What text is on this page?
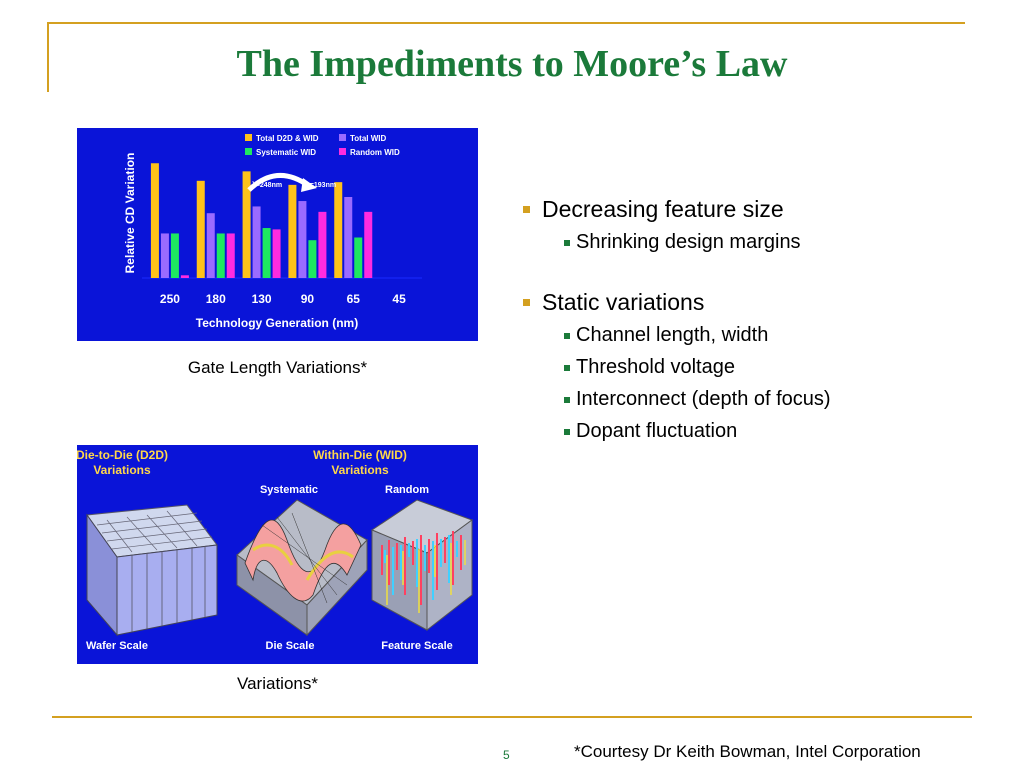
The Impediments to Moore’s Law
250 180 130 90	65	45
Technology Generation (nm)
Relative CD Variation
Total D2D & WID	Total WID
Systematic WID	Random WID
λ=248nm	λ=193nm
Gate Length Variations*
Die-to-Die (D2D)
Variations
Within-Die (WID)
Variations
Systematic	Random
Wafer Scale	Die Scale	Feature Scale
Variations*
Decreasing feature size
Shrinking design margins
Static variations
Channel length, width
Threshold voltage
Interconnect (depth of focus)
Dopant fluctuation
5	*Courtesy Dr Keith Bowman, Intel Corporation
